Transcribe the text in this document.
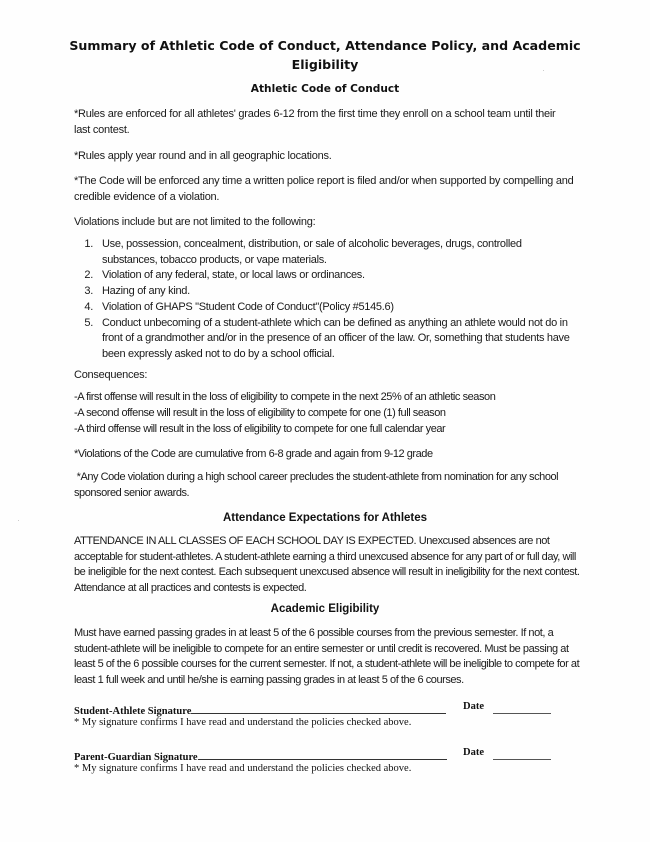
Summary of Athletic Code of Conduct, Attendance Policy, and Academic Eligibility
Athletic Code of Conduct
*Rules are enforced for all athletes' grades 6-12 from the first time they enroll on a school team until their last contest.
*Rules apply year round and in all geographic locations.
*The Code will be enforced any time a written police report is filed and/or when supported by compelling and credible evidence of a violation.
Violations include but are not limited to the following:
1. Use, possession, concealment, distribution, or sale of alcoholic beverages, drugs, controlled substances, tobacco products, or vape materials.
2. Violation of any federal, state, or local laws or ordinances.
3. Hazing of any kind.
4. Violation of GHAPS "Student Code of Conduct"(Policy #5145.6)
5. Conduct unbecoming of a student-athlete which can be defined as anything an athlete would not do in front of a grandmother and/or in the presence of an officer of the law. Or, something that students have been expressly asked not to do by a school official.
Consequences:
-A first offense will result in the loss of eligibility to compete in the next 25% of an athletic season
-A second offense will result in the loss of eligibility to compete for one (1) full season
-A third offense will result in the loss of eligibility to compete for one full calendar year
*Violations of the Code are cumulative from 6-8 grade and again from 9-12 grade
*Any Code violation during a high school career precludes the student-athlete from nomination for any school sponsored senior awards.
Attendance Expectations for Athletes
ATTENDANCE IN ALL CLASSES OF EACH SCHOOL DAY IS EXPECTED. Unexcused absences are not acceptable for student-athletes. A student-athlete earning a third unexcused absence for any part of or full day, will be ineligible for the next contest. Each subsequent unexcused absence will result in ineligibility for the next contest. Attendance at all practices and contests is expected.
Academic Eligibility
Must have earned passing grades in at least 5 of the 6 possible courses from the previous semester. If not, a student-athlete will be ineligible to compete for an entire semester or until credit is recovered. Must be passing at least 5 of the 6 possible courses for the current semester. If not, a student-athlete will be ineligible to compete for at least 1 full week and until he/she is earning passing grades in at least 5 of the 6 courses.
Student-Athlete Signature	Date
* My signature confirms I have read and understand the policies checked above.
Parent-Guardian Signature	Date
* My signature confirms I have read and understand the policies checked above.
